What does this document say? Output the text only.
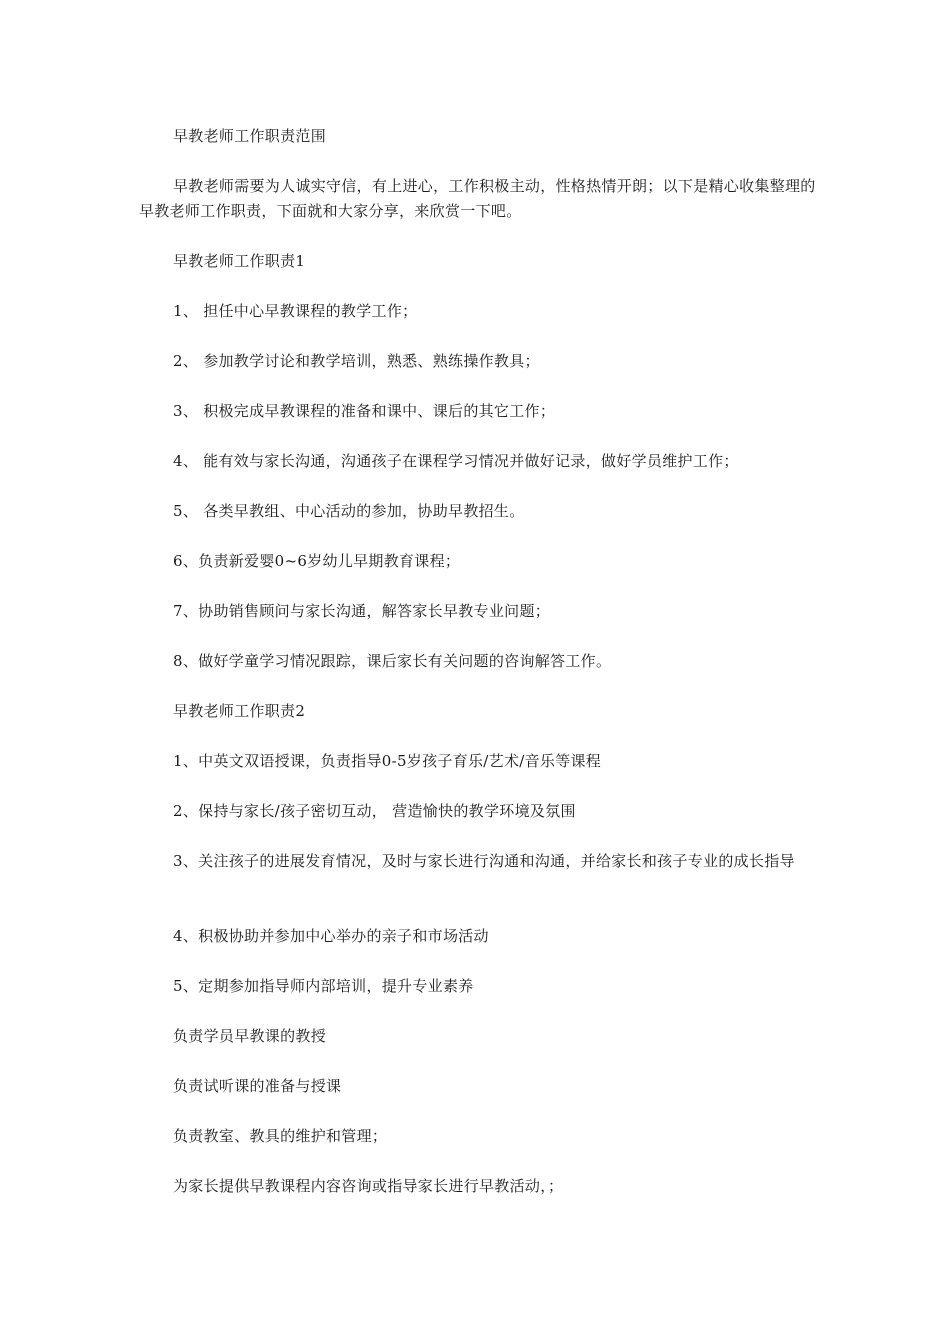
早教老师工作职责范围

早教老师需要为人诚实守信，有上进心，工作积极主动，性格热情开朗；以下是精心收集整理的早教老师工作职责，下面就和大家分享，来欣赏一下吧。

早教老师工作职责1

1、 担任中心早教课程的教学工作；

2、 参加教学讨论和教学培训，熟悉、熟练操作教具；

3、 积极完成早教课程的准备和课中、课后的其它工作；

4、 能有效与家长沟通，沟通孩子在课程学习情况并做好记录，做好学员维护工作；

5、 各类早教组、中心活动的参加，协助早教招生。

6、负责新爱婴0~6岁幼儿早期教育课程；

7、协助销售顾问与家长沟通，解答家长早教专业问题；

8、做好学童学习情况跟踪，课后家长有关问题的咨询解答工作。

早教老师工作职责2

1、中英文双语授课，负责指导0-5岁孩子育乐/艺术/音乐等课程

2、保持与家长/孩子密切互动， 营造愉快的教学环境及氛围

3、关注孩子的进展发育情况，及时与家长进行沟通和沟通，并给家长和孩子专业的成长指导

4、积极协助并参加中心举办的亲子和市场活动

5、定期参加指导师内部培训，提升专业素养

负责学员早教课的教授

负责试听课的准备与授课

负责教室、教具的维护和管理；

为家长提供早教课程内容咨询或指导家长进行早教活动，；
